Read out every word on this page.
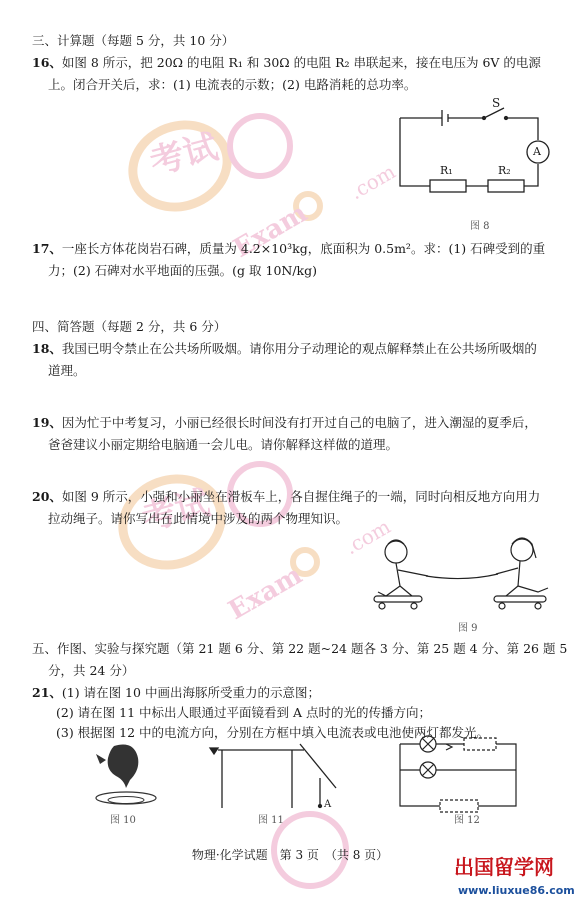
.com
Exam
考试
.com
Exam
考试
三、计算题（每题 5 分，共 10 分）
16、如图 8 所示，把 20Ω 的电阻 R₁ 和 30Ω 的电阻 R₂ 串联起来，接在电压为 6V 的电源
上。闭合开关后，求：(1) 电流表的示数；(2) 电路消耗的总功率。
S
A
R₁	R₂
图 8
17、一座长方体花岗岩石碑，质量为 4.2×10³kg，底面积为 0.5m²。求：(1) 石碑受到的重
力；(2) 石碑对水平地面的压强。(g 取 10N/kg)
四、简答题（每题 2 分，共 6 分）
18、我国已明令禁止在公共场所吸烟。请你用分子动理论的观点解释禁止在公共场所吸烟的
道理。
19、因为忙于中考复习，小丽已经很长时间没有打开过自己的电脑了，进入潮湿的夏季后，
爸爸建议小丽定期给电脑通一会儿电。请你解释这样做的道理。
20、如图 9 所示，小强和小丽坐在滑板车上，各自握住绳子的一端，同时向相反地方向用力
拉动绳子。请你写出在此情境中涉及的两个物理知识。
图 9
五、作图、实验与探究题（第 21 题 6 分、第 22 题~24 题各 3 分、第 25 题 4 分、第 26 题 5
分，共 24 分）
21、(1) 请在图 10 中画出海豚所受重力的示意图；
(2) 请在图 11 中标出人眼通过平面镜看到 A 点时的光的传播方向；
(3) 根据图 12 中的电流方向，分别在方框中填入电流表或电池使两灯都发光。
图 10
A
图 11	图 12
物理·化学试题　第 3 页　（共 8 页）	出国留学网
www.liuxue86.com
